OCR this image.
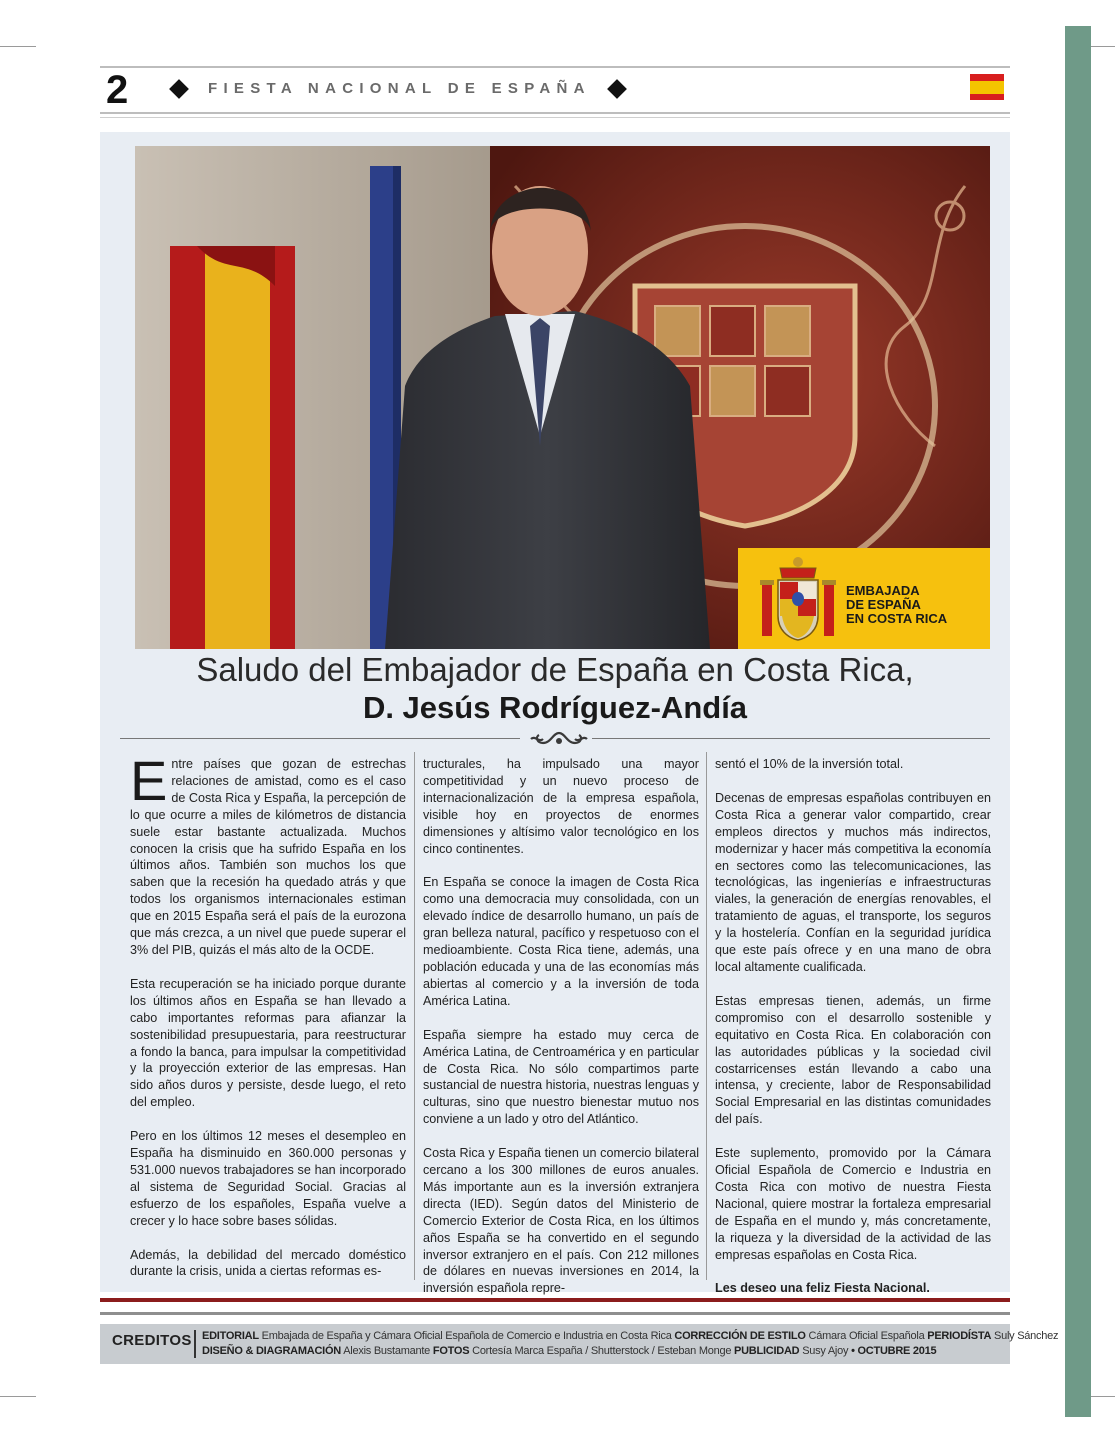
2	FIESTA NACIONAL DE ESPAÑA
EMBAJADA
DE ESPAÑA
EN COSTA RICA
Saludo del Embajador de España en Costa Rica,
D. Jesús Rodríguez-Andía

Entre países que gozan de estrechas relaciones de amistad, como es el caso de Costa Rica y España, la percepción de lo que ocurre a miles de kilómetros de distancia suele estar bastante actualizada. Muchos conocen la crisis que ha sufrido España en los últimos años. También son muchos los que saben que la recesión ha quedado atrás y que todos los organismos internacionales estiman que en 2015 España será el país de la eurozona que más crezca, a un nivel que puede superar el 3% del PIB, quizás el más alto de la OCDE.

Esta recuperación se ha iniciado porque durante los últimos años en España se han llevado a cabo importantes reformas para afianzar la sostenibilidad presupuestaria, para reestructurar a fondo la banca, para impulsar la competitividad y la proyección exterior de las empresas. Han sido años duros y persiste, desde luego, el reto del empleo.

Pero en los últimos 12 meses el desempleo en España ha disminuido en 360.000 personas y 531.000 nuevos trabajadores se han incorporado al sistema de Seguridad Social. Gracias al esfuerzo de los españoles, España vuelve a crecer y lo hace sobre bases sólidas.

Además, la debilidad del mercado doméstico durante la crisis, unida a ciertas reformas es-

tructurales, ha impulsado una mayor competitividad y un nuevo proceso de internacionalización de la empresa española, visible hoy en proyectos de enormes dimensiones y altísimo valor tecnológico en los cinco continentes.

En España se conoce la imagen de Costa Rica como una democracia muy consolidada, con un elevado índice de desarrollo humano, un país de gran belleza natural, pacífico y respetuoso con el medioambiente. Costa Rica tiene, además, una población educada y una de las economías más abiertas al comercio y a la inversión de toda América Latina.

España siempre ha estado muy cerca de América Latina, de Centroamérica y en particular de Costa Rica. No sólo compartimos parte sustancial de nuestra historia, nuestras lenguas y culturas, sino que nuestro bienestar mutuo nos conviene a un lado y otro del Atlántico.

Costa Rica y España tienen un comercio bilateral cercano a los 300 millones de euros anuales. Más importante aun es la inversión extranjera directa (IED). Según datos del Ministerio de Comercio Exterior de Costa Rica, en los últimos años España se ha convertido en el segundo inversor extranjero en el país. Con 212 millones de dólares en nuevas inversiones en 2014, la inversión española repre-

sentó el 10% de la inversión total.

Decenas de empresas españolas contribuyen en Costa Rica a generar valor compartido, crear empleos directos y muchos más indirectos, modernizar y hacer más competitiva la economía en sectores como las telecomunicaciones, las tecnológicas, las ingenierías e infraestructuras viales, la generación de energías renovables, el tratamiento de aguas, el transporte, los seguros y la hostelería. Confían en la seguridad jurídica que este país ofrece y en una mano de obra local altamente cualificada.

Estas empresas tienen, además, un firme compromiso con el desarrollo sostenible y equitativo en Costa Rica. En colaboración con las autoridades públicas y la sociedad civil costarricenses están llevando a cabo una intensa, y creciente, labor de Responsabilidad Social Empresarial en las distintas comunidades del país.

Este suplemento, promovido por la Cámara Oficial Española de Comercio e Industria en Costa Rica con motivo de nuestra Fiesta Nacional, quiere mostrar la fortaleza empresarial de España en el mundo y, más concretamente, la riqueza y la diversidad de la actividad de las empresas españolas en Costa Rica.

Les deseo una feliz Fiesta Nacional.

CREDITOS EDITORIAL Embajada de España y Cámara Oficial Española de Comercio e Industria en Costa Rica CORRECCIÓN DE ESTILO Cámara Oficial Española PERIODÍSTA Suly Sánchez
DISEÑO & DIAGRAMACIÓN Alexis Bustamante FOTOS Cortesía Marca España / Shutterstock / Esteban Monge PUBLICIDAD Susy Ajoy • OCTUBRE 2015
